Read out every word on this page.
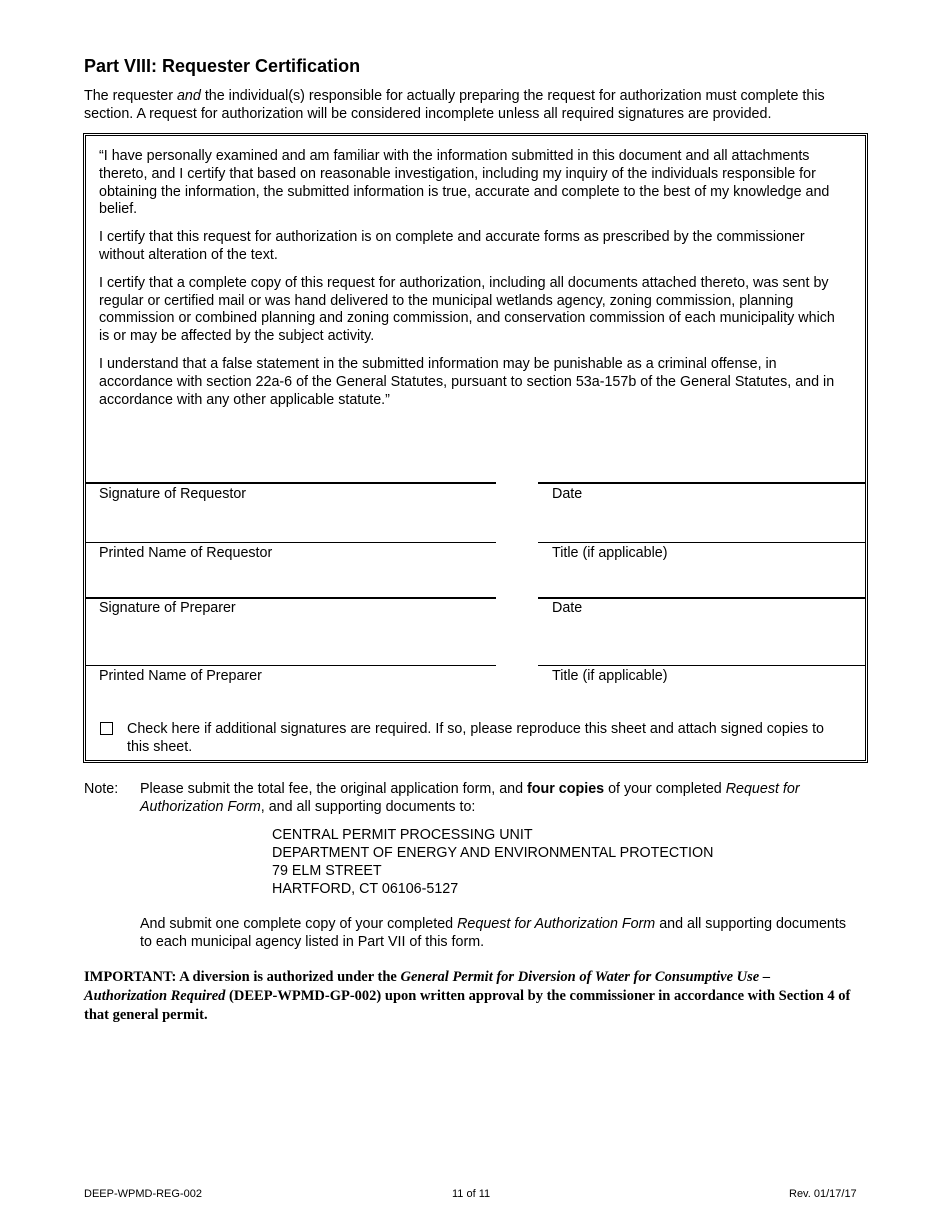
Part VIII: Requester Certification

The requester and the individual(s) responsible for actually preparing the request for authorization must complete this section. A request for authorization will be considered incomplete unless all required signatures are provided.

“I have personally examined and am familiar with the information submitted in this document and all attachments thereto, and I certify that based on reasonable investigation, including my inquiry of the individuals responsible for obtaining the information, the submitted information is true, accurate and complete to the best of my knowledge and belief.

I certify that this request for authorization is on complete and accurate forms as prescribed by the commissioner without alteration of the text.

I certify that a complete copy of this request for authorization, including all documents attached thereto, was sent by regular or certified mail or was hand delivered to the municipal wetlands agency, zoning commission, planning commission or combined planning and zoning commission, and conservation commission of each municipality which is or may be affected by the subject activity.

I understand that a false statement in the submitted information may be punishable as a criminal offense, in accordance with section 22a-6 of the General Statutes, pursuant to section 53a-157b of the General Statutes, and in accordance with any other applicable statute.”

Signature of Requestor	Date
Printed Name of Requestor	Title (if applicable)
Signature of Preparer	Date
Printed Name of Preparer	Title (if applicable)
Check here if additional signatures are required. If so, please reproduce this sheet and attach signed copies to this sheet.
Note: Please submit the total fee, the original application form, and four copies of your completed Request for Authorization Form, and all supporting documents to:
CENTRAL PERMIT PROCESSING UNIT
DEPARTMENT OF ENERGY AND ENVIRONMENTAL PROTECTION
79 ELM STREET
HARTFORD, CT 06106-5127
And submit one complete copy of your completed Request for Authorization Form and all supporting documents to each municipal agency listed in Part VII of this form.
IMPORTANT: A diversion is authorized under the General Permit for Diversion of Water for Consumptive Use – Authorization Required (DEEP-WPMD-GP-002) upon written approval by the commissioner in accordance with Section 4 of that general permit.
DEEP-WPMD-REG-002	11 of 11	Rev. 01/17/17
